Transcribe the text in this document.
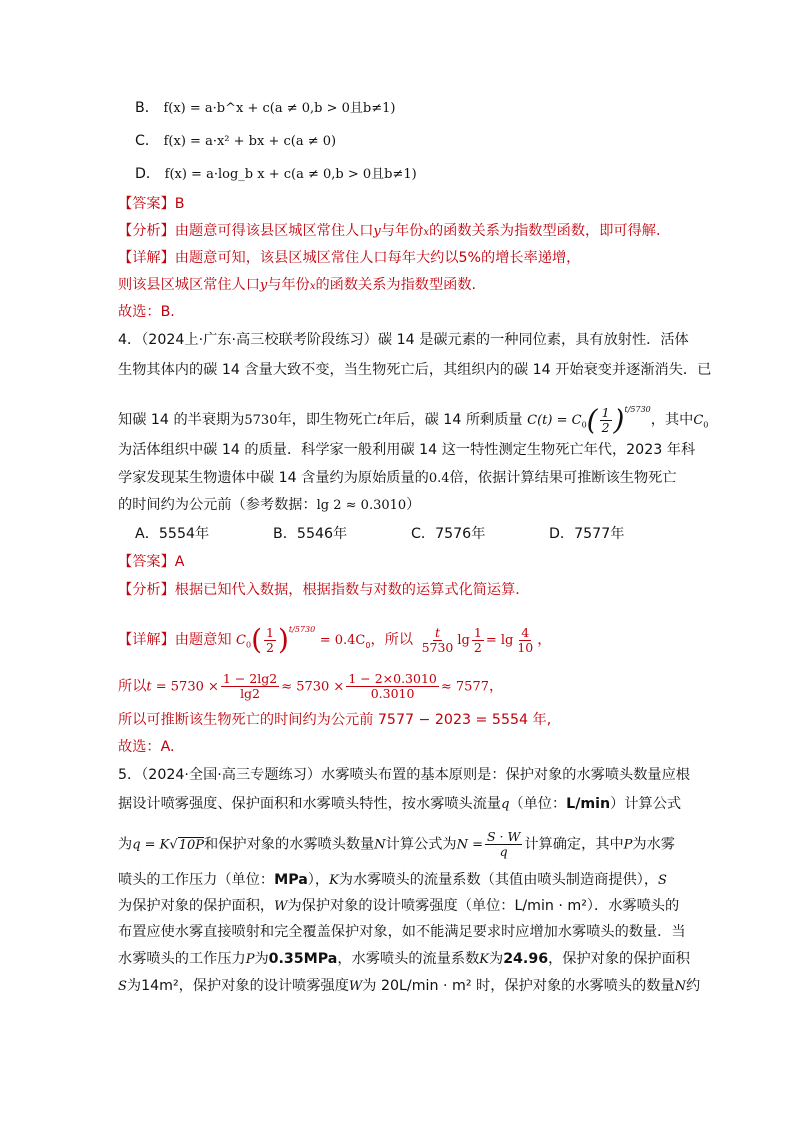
B． f(x) = a·b^x + c(a ≠ 0,b > 0且b≠1)
C． f(x) = a·x² + bx + c(a ≠ 0)
D． f(x) = a·log_b x + c(a ≠ 0,b > 0且b≠1)
【答案】B
【分析】由题意可得该县区城区常住人口y与年份x的函数关系为指数型函数，即可得解.
【详解】由题意可知，该县区城区常住人口每年大约以5%的增长率递增，
则该县区城区常住人口y与年份x的函数关系为指数型函数.
故选：B.
4．（2024上·广东·高三校联考阶段练习）碳 14 是碳元素的一种同位素，具有放射性．活体
生物其体内的碳 14 含量大致不变，当生物死亡后，其组织内的碳 14 开始衰变并逐渐消失．已
知碳 14 的半衰期为5730年，即生物死亡t年后，碳 14 所剩质量 $C(t) = C_0( \frac{1}{2} )^{t/5730}$，其中$C_0$
为活体组织中碳 14 的质量．科学家一般利用碳 14 这一特性测定生物死亡年代，2023 年科
学家发现某生物遗体中碳 14 含量约为原始质量的0.4倍，依据计算结果可推断该生物死亡
的时间约为公元前（参考数据：lg 2 ≈ 0.3010）
A．5554年	B．5546年	C．7576年	D．7577年
【答案】A
【分析】根据已知代入数据，根据指数与对数的运算式化简运算.
【详解】由题意知 $C_0( \frac{1}{2} )^{t/5730} = 0.4C_0$，所以 $\frac{t}{5730}$ $\lg \frac{1}{2} = \lg \frac{4}{10}$ ，
所以$t = 5730 \times \frac{1 - 2\lg 2}{\lg 2} \approx 5730 \times \frac{1 - 2\times 0.3010}{0.3010} \approx 7577$，
所以可推断该生物死亡的时间约为公元前 7577 − 2023 = 5554 年,
故选：A.
5．（2024·全国·高三专题练习）水雾喷头布置的基本原则是：保护对象的水雾喷头数量应根
据设计喷雾强度、保护面积和水雾喷头特性，按水雾喷头流量q（单位：L/min）计算公式
为q = K√10P和保护对象的水雾喷头数量N计算公式为$N = \frac{S \cdot W}{q}$ 计算确定，其中P为水雾
喷头的工作压力（单位：MPa），K为水雾喷头的流量系数（其值由喷头制造商提供），S
为保护对象的保护面积，W为保护对象的设计喷雾强度（单位：L/min · m²）．水雾喷头的
布置应使水雾直接喷射和完全覆盖保护对象，如不能满足要求时应增加水雾喷头的数量．当
水雾喷头的工作压力P为0.35MPa，水雾喷头的流量系数K为24.96，保护对象的保护面积
S为14m²，保护对象的设计喷雾强度W为 20L/min · m² 时，保护对象的水雾喷头的数量N约
